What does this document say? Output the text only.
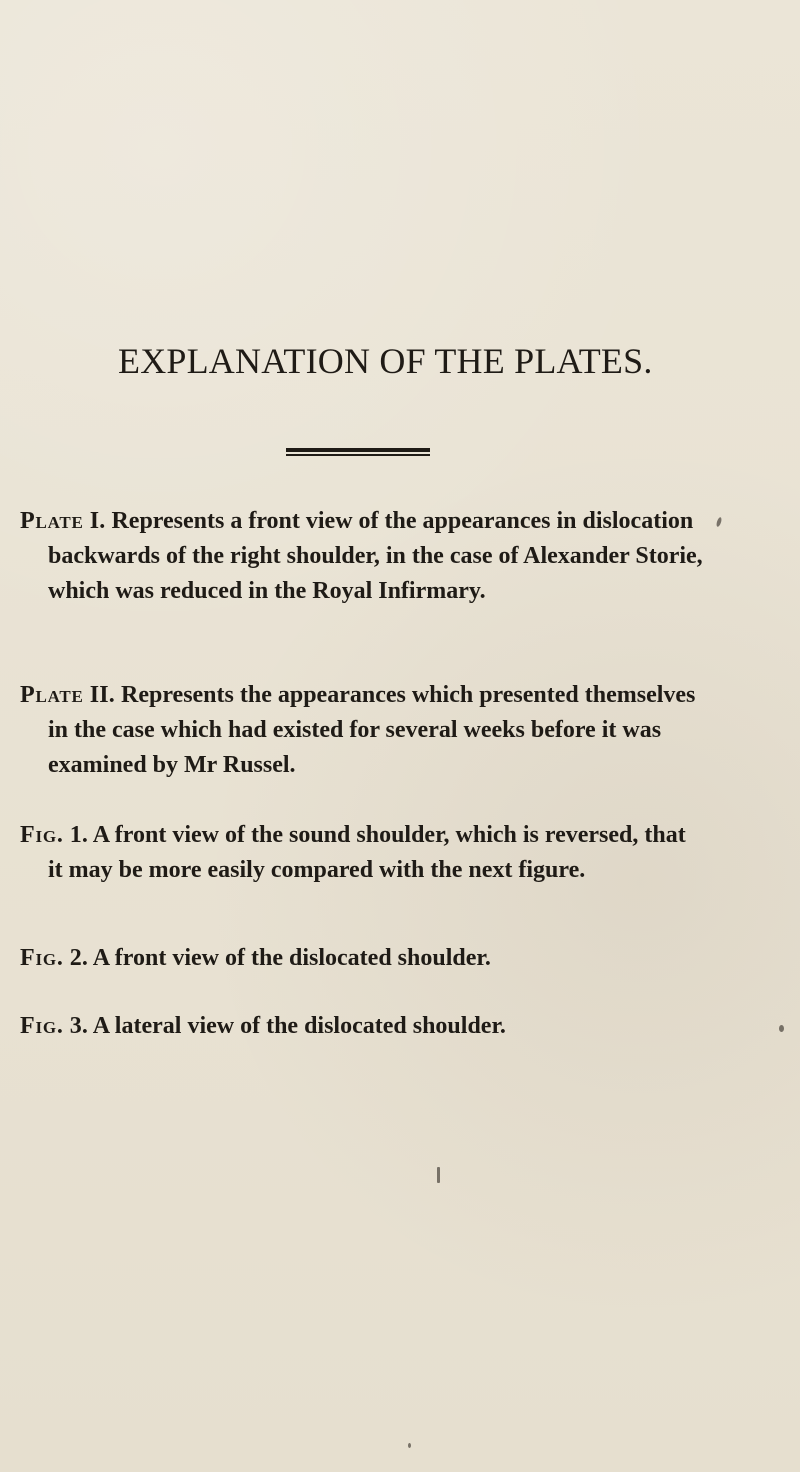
EXPLANATION OF THE PLATES.

Plate I. Represents a front view of the appearances in dislocation backwards of the right shoulder, in the case of Alexander Storie, which was reduced in the Royal Infirmary.

Plate II. Represents the appearances which presented themselves in the case which had existed for several weeks before it was examined by Mr Russel.

Fig. 1. A front view of the sound shoulder, which is reversed, that it may be more easily compared with the next figure.

Fig. 2. A front view of the dislocated shoulder.

Fig. 3. A lateral view of the dislocated shoulder.
